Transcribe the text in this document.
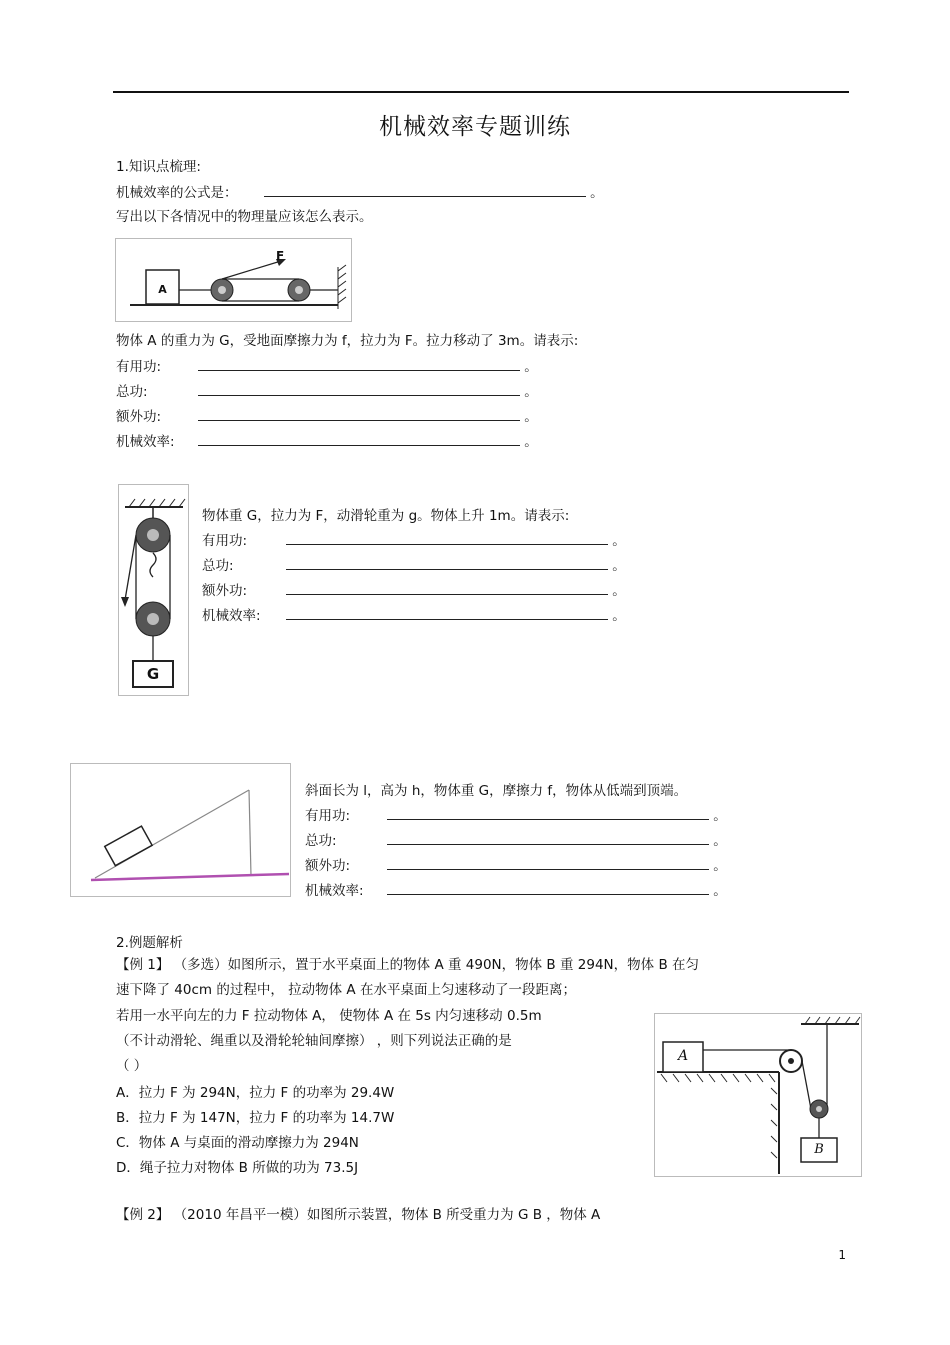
机械效率专题训练
1.知识点梳理:
机械效率的公式是：	。
写出以下各情况中的物理量应该怎么表示。
A
F
物体 A 的重力为 G，受地面摩擦力为 f，拉力为 F。拉力移动了 3m。请表示:
有用功:	。
总功:	。
额外功:	。
机械效率:	。
G
物体重 G，拉力为 F，动滑轮重为 g。物体上升 1m。请表示:
有用功:	。
总功:	。
额外功:	。
机械效率:	。
斜面长为 l，高为 h，物体重 G，摩擦力 f，物体从低端到顶端。
有用功:	。
总功:	。
额外功:	。
机械效率:	。
2.例题解析
【例 1】 （多选）如图所示，置于水平桌面上的物体 A 重 490N，物体 B 重 294N，物体 B 在匀
速下降了 40cm 的过程中， 拉动物体 A 在水平桌面上匀速移动了一段距离；
若用一水平向左的力 F 拉动物体 A， 使物体 A 在 5s 内匀速移动 0.5m
（不计动滑轮、绳重以及滑轮轮轴间摩擦） ，则下列说法正确的是
（ ）
A．拉力 F 为 294N，拉力 F 的功率为 29.4W
B．拉力 F 为 147N，拉力 F 的功率为 14.7W
C．物体 A 与桌面的滑动摩擦力为 294N
D．绳子拉力对物体 B 所做的功为 73.5J
A
B
【例 2】 （2010 年昌平一模）如图所示装置，物体 B 所受重力为 G B ，物体 A
1
